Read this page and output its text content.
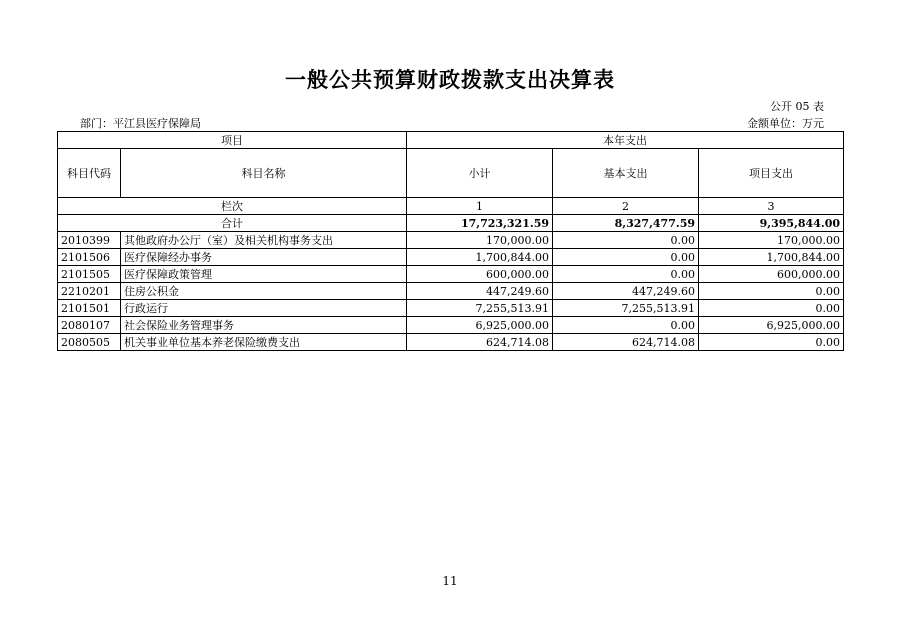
一般公共预算财政拨款支出决算表
公开 05 表
部门：平江县医疗保障局	金额单位：万元
项目		本年支出		
科目代码	科目名称	小计	基本支出	项目支出
栏次		1	2	3
合计		17,723,321.59	8,327,477.59	9,395,844.00
2010399	其他政府办公厅（室）及相关机构事务支出	170,000.00	0.00	170,000.00
2101506	医疗保障经办事务	1,700,844.00	0.00	1,700,844.00
2101505	医疗保障政策管理	600,000.00	0.00	600,000.00
2210201	住房公积金	447,249.60	447,249.60	0.00
2101501	行政运行	7,255,513.91	7,255,513.91	0.00
2080107	社会保险业务管理事务	6,925,000.00	0.00	6,925,000.00
2080505	机关事业单位基本养老保险缴费支出	624,714.08	624,714.08	0.00
11
